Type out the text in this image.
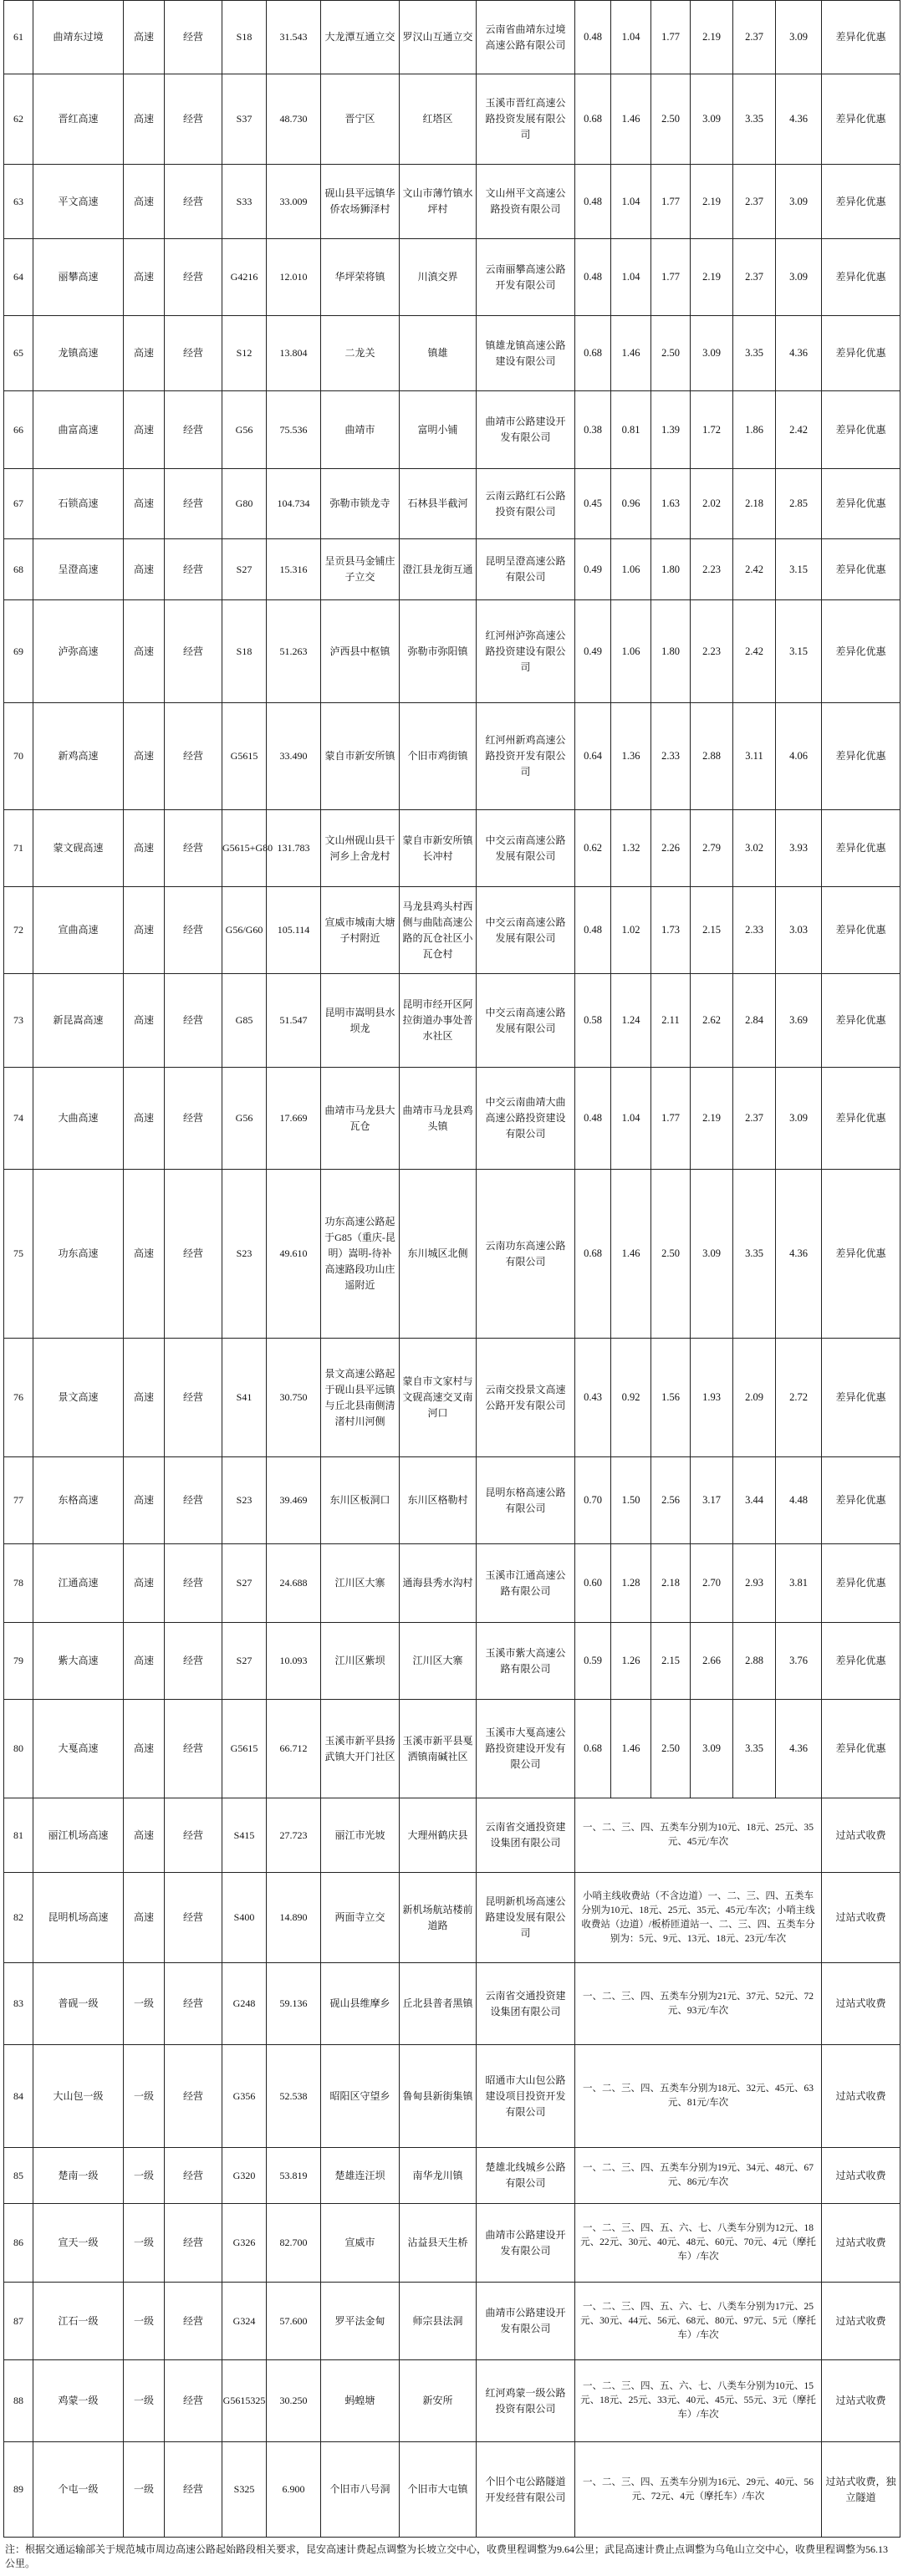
61	曲靖东过境	高速	经营	S18	31.543	大龙潭互通立交	罗汉山互通立交	云南省曲靖东过境高速公路有限公司	0.48	1.04	1.77	2.19	2.37	3.09	差异化优惠
62	晋红高速	高速	经营	S37	48.730	晋宁区	红塔区	玉溪市晋红高速公路投资发展有限公司	0.68	1.46	2.50	3.09	3.35	4.36	差异化优惠
63	平文高速	高速	经营	S33	33.009	砚山县平远镇华侨农场狮泽村	文山市薄竹镇水坪村	文山州平文高速公路投资有限公司	0.48	1.04	1.77	2.19	2.37	3.09	差异化优惠
64	丽攀高速	高速	经营	G4216	12.010	华坪荣将镇	川滇交界	云南丽攀高速公路开发有限公司	0.48	1.04	1.77	2.19	2.37	3.09	差异化优惠
65	龙镇高速	高速	经营	S12	13.804	二龙关	镇雄	镇雄龙镇高速公路建设有限公司	0.68	1.46	2.50	3.09	3.35	4.36	差异化优惠
66	曲富高速	高速	经营	G56	75.536	曲靖市	富明小铺	曲靖市公路建设开发有限公司	0.38	0.81	1.39	1.72	1.86	2.42	差异化优惠
67	石锁高速	高速	经营	G80	104.734	弥勒市锁龙寺	石林县半截河	云南云路红石公路投资有限公司	0.45	0.96	1.63	2.02	2.18	2.85	差异化优惠
68	呈澄高速	高速	经营	S27	15.316	呈贡县马金铺庄子立交	澄江县龙街互通	昆明呈澄高速公路有限公司	0.49	1.06	1.80	2.23	2.42	3.15	差异化优惠
69	泸弥高速	高速	经营	S18	51.263	泸西县中枢镇	弥勒市弥阳镇	红河州泸弥高速公路投资建设有限公司	0.49	1.06	1.80	2.23	2.42	3.15	差异化优惠
70	新鸡高速	高速	经营	G5615	33.490	蒙自市新安所镇	个旧市鸡街镇	红河州新鸡高速公路投资开发有限公司	0.64	1.36	2.33	2.88	3.11	4.06	差异化优惠
71	蒙文砚高速	高速	经营	G5615+G80	131.783	文山州砚山县干河乡上舍龙村	蒙自市新安所镇长冲村	中交云南高速公路发展有限公司	0.62	1.32	2.26	2.79	3.02	3.93	差异化优惠
72	宣曲高速	高速	经营	G56/G60	105.114	宣威市城南大塘子村附近	马龙县鸡头村西侧与曲陆高速公路的瓦仓社区小瓦仓村	中交云南高速公路发展有限公司	0.48	1.02	1.73	2.15	2.33	3.03	差异化优惠
73	新昆嵩高速	高速	经营	G85	51.547	昆明市嵩明县水坝龙	昆明市经开区阿拉街道办事处普水社区	中交云南高速公路发展有限公司	0.58	1.24	2.11	2.62	2.84	3.69	差异化优惠
74	大曲高速	高速	经营	G56	17.669	曲靖市马龙县大瓦仓	曲靖市马龙县鸡头镇	中交云南曲靖大曲高速公路投资建设有限公司	0.48	1.04	1.77	2.19	2.37	3.09	差异化优惠
75	功东高速	高速	经营	S23	49.610	功东高速公路起于G85（重庆-昆明）嵩明-待补高速路段功山庄遥附近	东川城区北侧	云南功东高速公路有限公司	0.68	1.46	2.50	3.09	3.35	4.36	差异化优惠
76	景文高速	高速	经营	S41	30.750	景文高速公路起于砚山县平远镇与丘北县南侧清渚村川河侧	蒙自市文家村与文砚高速交叉南河口	云南交投景文高速公路开发有限公司	0.43	0.92	1.56	1.93	2.09	2.72	差异化优惠
77	东格高速	高速	经营	S23	39.469	东川区板洞口	东川区格勒村	昆明东格高速公路有限公司	0.70	1.50	2.56	3.17	3.44	4.48	差异化优惠
78	江通高速	高速	经营	S27	24.688	江川区大寨	通海县秀水沟村	玉溪市江通高速公路有限公司	0.60	1.28	2.18	2.70	2.93	3.81	差异化优惠
79	紫大高速	高速	经营	S27	10.093	江川区紫坝	江川区大寨	玉溪市紫大高速公路有限公司	0.59	1.26	2.15	2.66	2.88	3.76	差异化优惠
80	大戛高速	高速	经营	G5615	66.712	玉溪市新平县扬武镇大开门社区	玉溪市新平县戛洒镇南碱社区	玉溪市大戛高速公路投资建设开发有限公司	0.68	1.46	2.50	3.09	3.35	4.36	差异化优惠
81	丽江机场高速	高速	经营	S415	27.723	丽江市光坡	大理州鹤庆县	云南省交通投资建设集团有限公司	一、二、三、四、五类车分别为10元、18元、25元、35元、45元/车次						过站式收费
82	昆明机场高速	高速	经营	S400	14.890	两面寺立交	新机场航站楼前道路	昆明新机场高速公路建设发展有限公司	小哨主线收费站（不含边道）一、二、三、四、五类车分别为10元、18元、25元、35元、45元/车次；小哨主线收费站（边道）/板桥匝道站一、二、三、四、五类车分别为：5元、9元、13元、18元、23元/车次						过站式收费
83	普砚一级	一级	经营	G248	59.136	砚山县维摩乡	丘北县普者黑镇	云南省交通投资建设集团有限公司	一、二、三、四、五类车分别为21元、37元、52元、72元、93元/车次						过站式收费
84	大山包一级	一级	经营	G356	52.538	昭阳区守望乡	鲁甸县新街集镇	昭通市大山包公路建设项目投资开发有限公司	一、二、三、四、五类车分别为18元、32元、45元、63元、81元/车次						过站式收费
85	楚南一级	一级	经营	G320	53.819	楚雄连汪坝	南华龙川镇	楚雄北线城乡公路有限公司	一、二、三、四、五类车分别为19元、34元、48元、67元、86元/车次						过站式收费
86	宣天一级	一级	经营	G326	82.700	宣威市	沾益县天生桥	曲靖市公路建设开发有限公司	一、二、三、四、五、六、七、八类车分别为12元、18元、22元、30元、40元、48元、60元、70元、4元（摩托车）/车次						过站式收费
87	江石一级	一级	经营	G324	57.600	罗平法金甸	师宗县法洞	曲靖市公路建设开发有限公司	一、二、三、四、五、六、七、八类车分别为17元、25元、30元、44元、56元、68元、80元、97元、5元（摩托车）/车次						过站式收费
88	鸡蒙一级	一级	经营	G5615325	30.250	蚂蝗塘	新安所	红河鸡蒙一级公路投资有限公司	一、二、三、四、五、六、七、八类车分别为10元、15元、18元、25元、33元、40元、45元、55元、3元（摩托车）/车次						过站式收费
89	个屯一级	一级	经营	S325	6.900	个旧市八号洞	个旧市大屯镇	个旧个屯公路隧道开发经营有限公司	一、二、三、四、五类车分别为16元、29元、40元、56元、72元、4元（摩托车）/车次						过站式收费，独立隧道
注：根据交通运输部关于规范城市周边高速公路起始路段相关要求，昆安高速计费起点调整为长坡立交中心，收费里程调整为9.64公里；武昆高速计费止点调整为乌龟山立交中心，收费里程调整为56.13公里。
